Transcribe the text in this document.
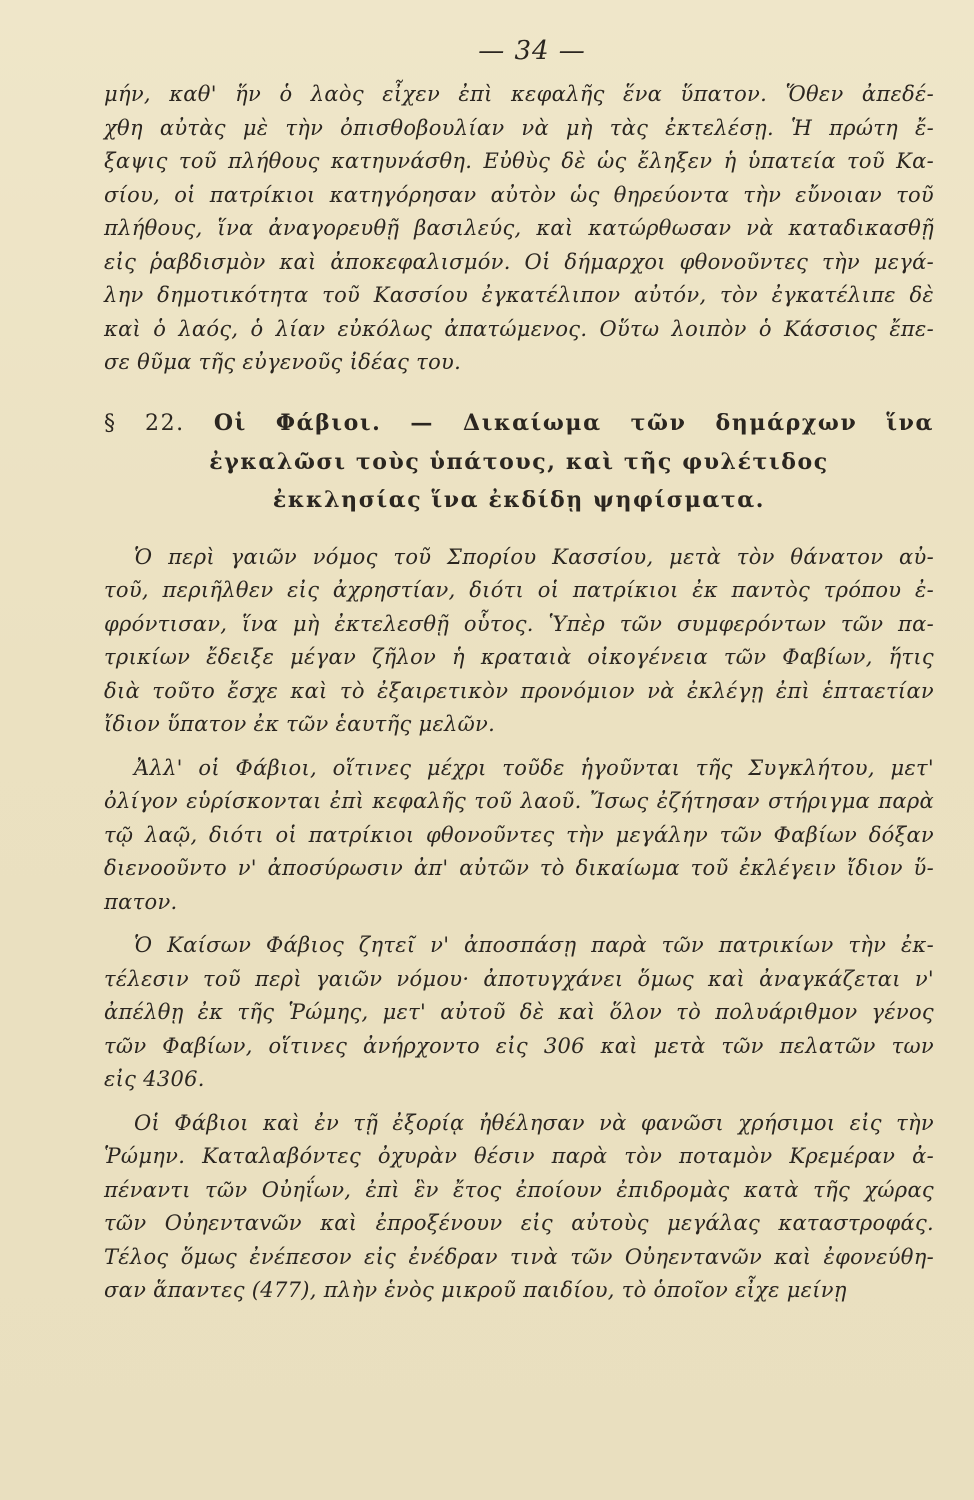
— 34 —
μήν, καθ' ἥν ὁ λαὸς εἶχεν ἐπὶ κεφαλῆς ἕνα ὕπατον. Ὅθεν ἀπεδέ-
χθη αὐτὰς μὲ τὴν ὀπισθοβουλίαν νὰ μὴ τὰς ἐκτελέσῃ. Ἡ πρώτη ἔ-
ξαψις τοῦ πλήθους κατηυνάσθη. Εὐθὺς δὲ ὡς ἔληξεν ἡ ὑπατεία τοῦ Κα-
σίου, οἱ πατρίκιοι κατηγόρησαν αὐτὸν ὡς θηρεύοντα τὴν εὔνοιαν τοῦ
πλήθους, ἵνα ἀναγορευθῇ βασιλεύς, καὶ κατώρθωσαν νὰ καταδικασθῇ
εἰς ῥαβδισμὸν καὶ ἀποκεφαλισμόν. Οἱ δήμαρχοι φθονοῦντες τὴν μεγά-
λην δημοτικότητα τοῦ Κασσίου ἐγκατέλιπον αὐτόν, τὸν ἐγκατέλιπε δὲ
καὶ ὁ λαός, ὁ λίαν εὐκόλως ἀπατώμενος. Οὕτω λοιπὸν ὁ Κάσσιος ἔπε-
σε θῦμα τῆς εὐγενοῦς ἰδέας του.
§ 22. Οἱ Φάβιοι. — Δικαίωμα τῶν δημάρχων ἵνα
ἐγκαλῶσι τοὺς ὑπάτους, καὶ τῆς φυλέτιδος
ἐκκλησίας ἵνα ἐκδίδῃ ψηφίσματα.
Ὁ περὶ γαιῶν νόμος τοῦ Σπορίου Κασσίου, μετὰ τὸν θάνατον αὐ-
τοῦ, περιῆλθεν εἰς ἀχρηστίαν, διότι οἱ πατρίκιοι ἐκ παντὸς τρόπου ἐ-
φρόντισαν, ἵνα μὴ ἐκτελεσθῇ οὗτος. Ὑπὲρ τῶν συμφερόντων τῶν πα-
τρικίων ἔδειξε μέγαν ζῆλον ἡ κραταιὰ οἰκογένεια τῶν Φαβίων, ἥτις
διὰ τοῦτο ἔσχε καὶ τὸ ἐξαιρετικὸν προνόμιον νὰ ἐκλέγῃ ἐπὶ ἑπταετίαν
ἴδιον ὕπατον ἐκ τῶν ἑαυτῆς μελῶν.
Ἀλλ' οἱ Φάβιοι, οἵτινες μέχρι τοῦδε ἡγοῦνται τῆς Συγκλήτου, μετ'
ὀλίγον εὑρίσκονται ἐπὶ κεφαλῆς τοῦ λαοῦ. Ἴσως ἐζήτησαν στήριγμα παρὰ
τῷ λαῷ, διότι οἱ πατρίκιοι φθονοῦντες τὴν μεγάλην τῶν Φαβίων δόξαν
διενοοῦντο ν' ἀποσύρωσιν ἀπ' αὐτῶν τὸ δικαίωμα τοῦ ἐκλέγειν ἴδιον ὕ-
πατον.
Ὁ Καίσων Φάβιος ζητεῖ ν' ἀποσπάσῃ παρὰ τῶν πατρικίων τὴν ἐκ-
τέλεσιν τοῦ περὶ γαιῶν νόμου· ἀποτυγχάνει ὅμως καὶ ἀναγκάζεται ν'
ἀπέλθῃ ἐκ τῆς Ῥώμης, μετ' αὐτοῦ δὲ καὶ ὅλον τὸ πολυάριθμον γένος
τῶν Φαβίων, οἵτινες ἀνήρχοντο εἰς 306 καὶ μετὰ τῶν πελατῶν των
εἰς 4306.
Οἱ Φάβιοι καὶ ἐν τῇ ἐξορίᾳ ἠθέλησαν νὰ φανῶσι χρήσιμοι εἰς τὴν
Ῥώμην. Καταλαβόντες ὀχυρὰν θέσιν παρὰ τὸν ποταμὸν Κρεμέραν ἀ-
πέναντι τῶν Οὐηΐων, ἐπὶ ἓν ἔτος ἐποίουν ἐπιδρομὰς κατὰ τῆς χώρας
τῶν Οὐηενταvῶν καὶ ἐπροξένουν εἰς αὐτοὺς μεγάλας καταστροφάς.
Τέλος ὅμως ἐνέπεσον εἰς ἐνέδραν τινὰ τῶν Οὐηενταvῶν καὶ ἐφονεύθη-
σαν ἅπαντες (477), πλὴν ἑνὸς μικροῦ παιδίου, τὸ ὁποῖον εἶχε μείνῃ
